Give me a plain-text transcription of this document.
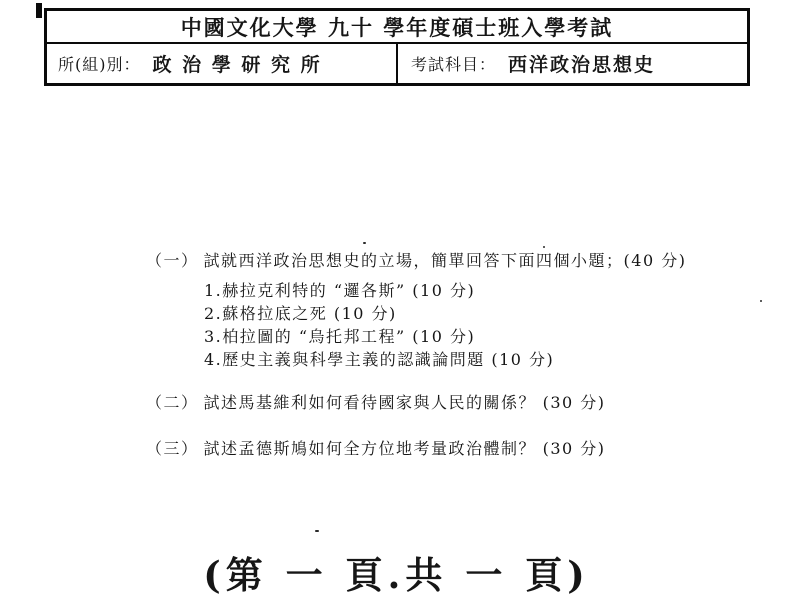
中國文化大學 九十 學年度碩士班入學考試
所(組)別： 政 治 學 研 究 所	考試科目： 西洋政治思想史
（一） 試就西洋政治思想史的立場，簡單回答下面四個小題；(40 分)
1.赫拉克利特的 “邏各斯” (10 分)
2.蘇格拉底之死 (10 分)
3.柏拉圖的 “烏托邦工程” (10 分)
4.歷史主義與科學主義的認識論問題 (10 分)
（二） 試述馬基維利如何看待國家與人民的關係？ (30 分)
（三） 試述孟德斯鳩如何全方位地考量政治體制？ (30 分)
(第 一 頁.共 一 頁)
